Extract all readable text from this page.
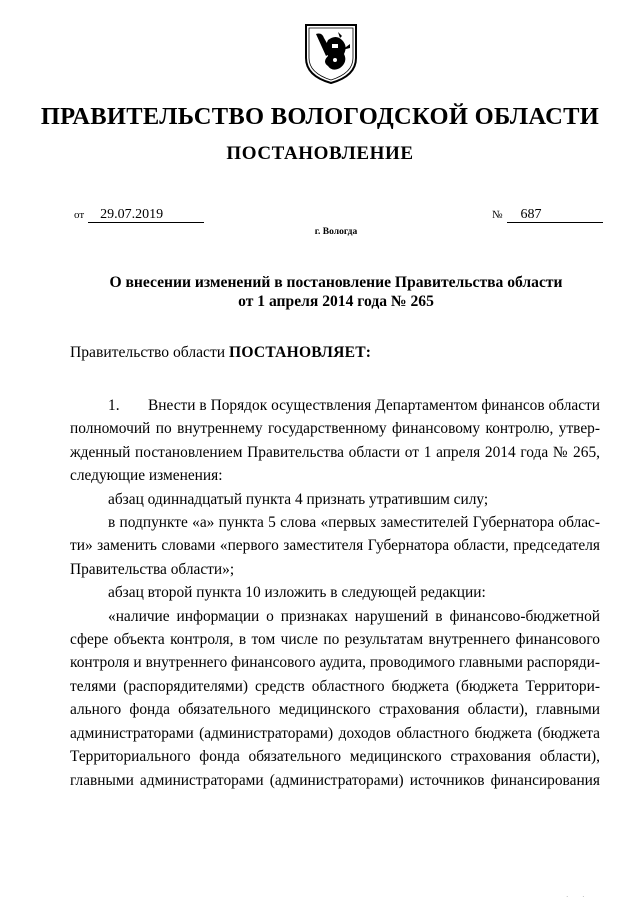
ПРАВИТЕЛЬСТВО ВОЛОГОДСКОЙ ОБЛАСТИ
ПОСТАНОВЛЕНИЕ
от 29.07.2019	№ 687
г. Вологда
О внесении изменений в постановление Правительства области
от 1 апреля 2014 года № 265
Правительство области ПОСТАНОВЛЯЕТ:

1. Внести в Порядок осуществления Департаментом финансов области
полномочий по внутреннему государственному финансовому контролю, утвер-
жденный постановлением Правительства области от 1 апреля 2014 года № 265,
следующие изменения:

абзац одиннадцатый пункта 4 признать утратившим силу;

в подпункте «а» пункта 5 слова «первых заместителей Губернатора облас-
ти» заменить словами «первого заместителя Губернатора области, председателя
Правительства области»;

абзац второй пункта 10 изложить в следующей редакции:

«наличие информации о признаках нарушений в финансово-бюджетной
сфере объекта контроля, в том числе по результатам внутреннего финансового
контроля и внутреннего финансового аудита, проводимого главными распоряди-
телями (распорядителями) средств областного бюджета (бюджета Территори-
ального фонда обязательного медицинского страхования области), главными
администраторами (администраторами) доходов областного бюджета (бюджета
Территориального фонда обязательного медицинского страхования области),
главными администраторами (администраторами) источников финансирования

· ·
